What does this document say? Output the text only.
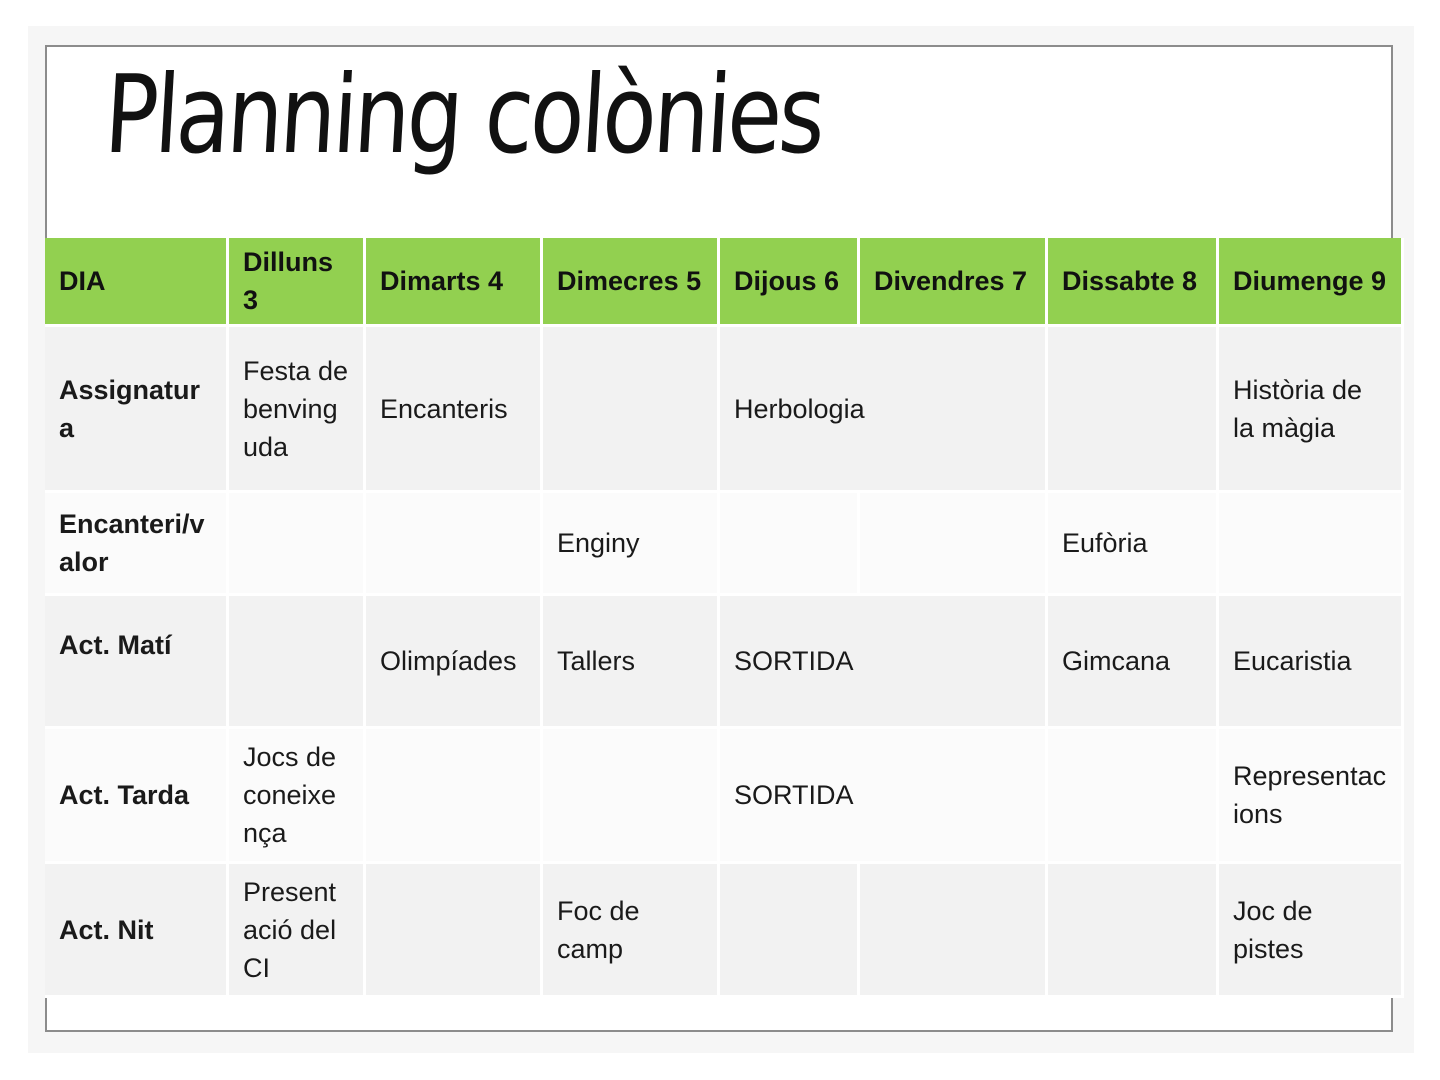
Planning colònies
DIA	Dilluns 3	Dimarts 4	Dimecres 5	Dijous 6	Divendres 7	Dissabte 8	Diumenge 9
Assignatura	Festa de benvinguda	Encanteris		Herbologia			Història de la màgia
Encanteri/valor			Enginy			Eufòria	
Act. Matí		Olimpíades	Tallers	SORTIDA		Gimcana	Eucaristia
Act. Tarda	Jocs de coneixença			SORTIDA			Representacions
Act. Nit	Presentació del CI		Foc de camp				Joc de pistes
